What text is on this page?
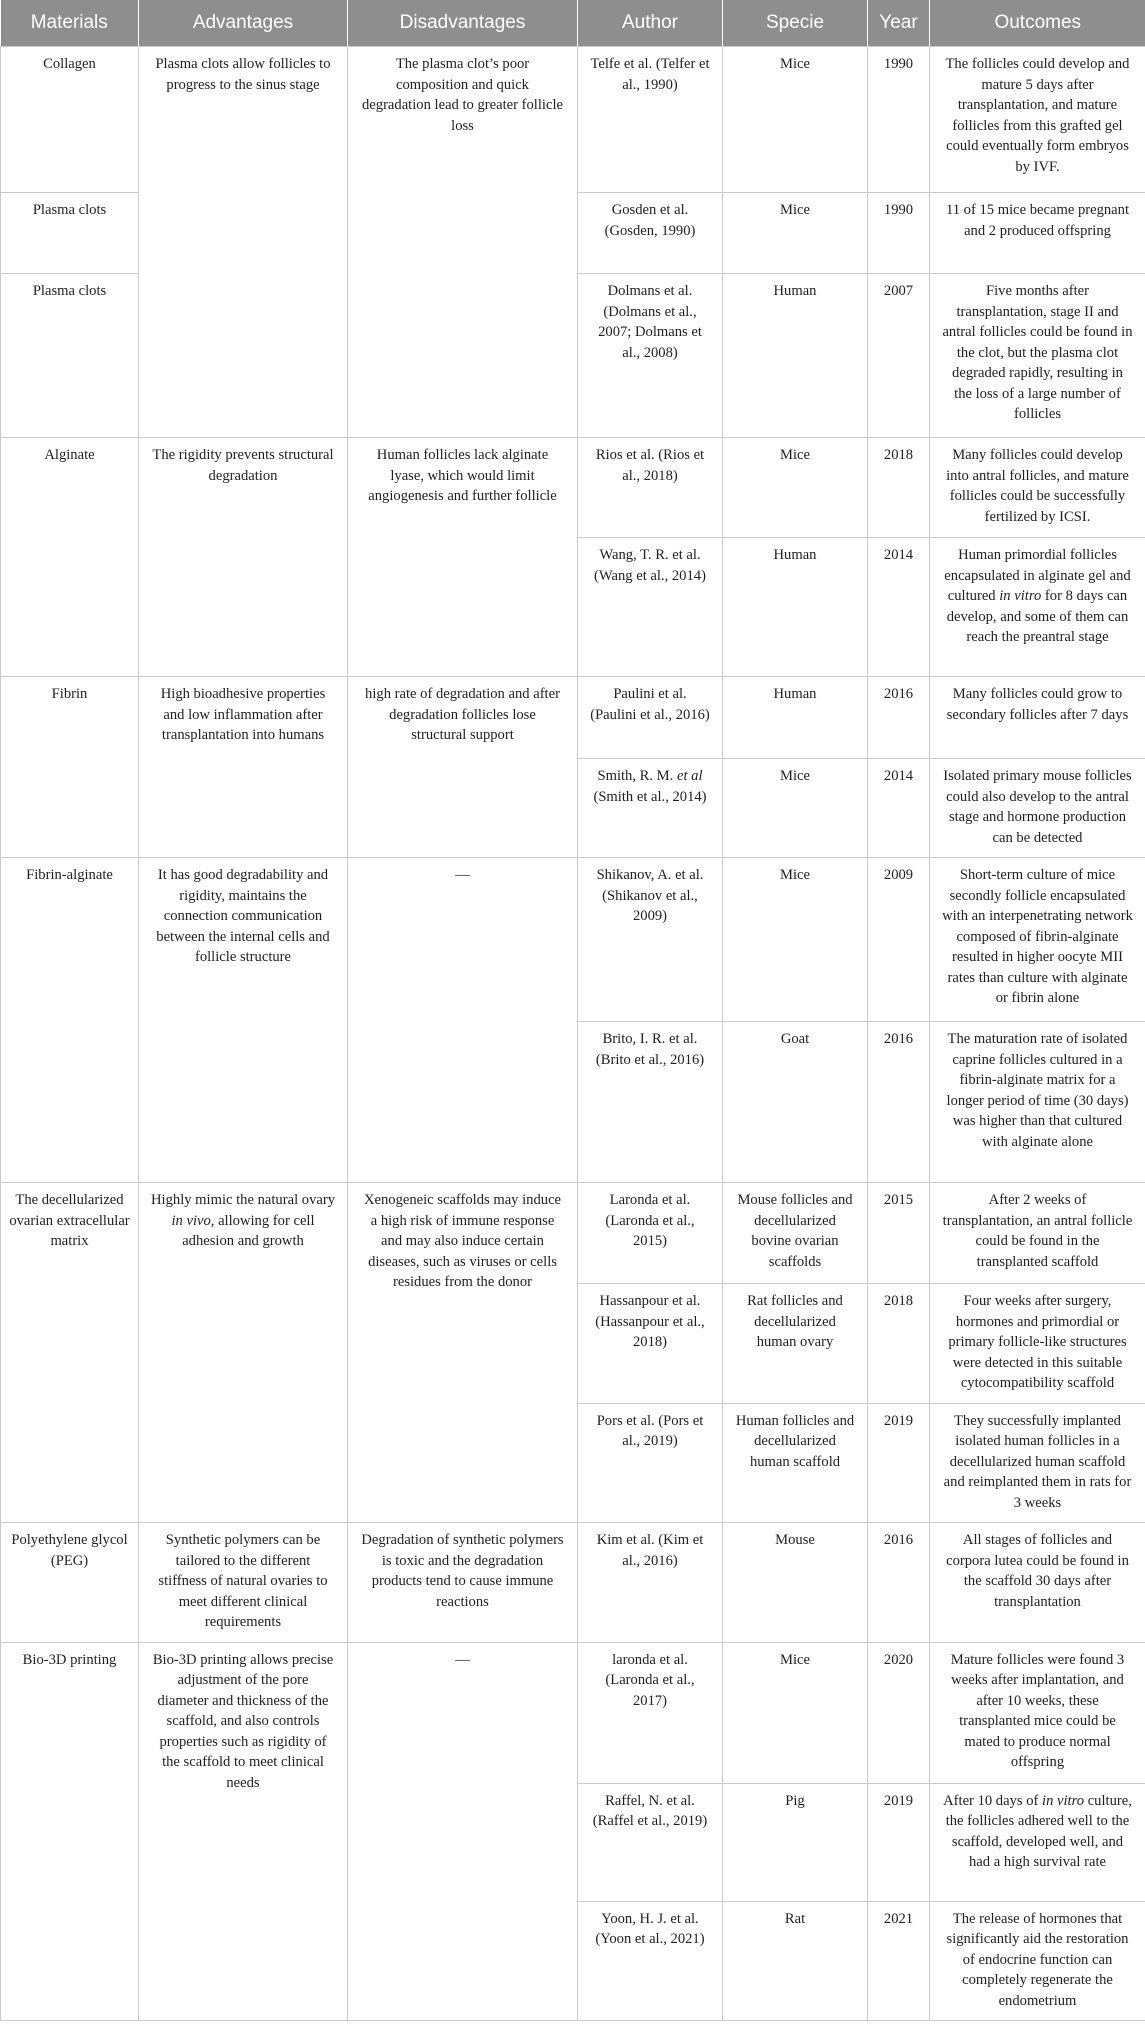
Materials	Advantages	Disadvantages	Author	Specie	Year	Outcomes
Collagen	Plasma clots allow follicles to progress to the sinus stage	The plasma clot’s poor composition and quick degradation lead to greater follicle loss	Telfe et al. (Telfer et al., 1990)	Mice	1990	The follicles could develop and mature 5 days after transplantation, and mature follicles from this grafted gel could eventually form embryos by IVF.
Plasma clots			Gosden et al. (Gosden, 1990)	Mice	1990	11 of 15 mice became pregnant and 2 produced offspring
Plasma clots			Dolmans et al. (Dolmans et al., 2007; Dolmans et al., 2008)	Human	2007	Five months after transplantation, stage II and antral follicles could be found in the clot, but the plasma clot degraded rapidly, resulting in the loss of a large number of follicles
Alginate	The rigidity prevents structural degradation	Human follicles lack alginate lyase, which would limit angiogenesis and further follicle	Rios et al. (Rios et al., 2018)	Mice	2018	Many follicles could develop into antral follicles, and mature follicles could be successfully fertilized by ICSI.
			Wang, T. R. et al. (Wang et al., 2014)	Human	2014	Human primordial follicles encapsulated in alginate gel and cultured in vitro for 8 days can develop, and some of them can reach the preantral stage
Fibrin	High bioadhesive properties and low inflammation after transplantation into humans	high rate of degradation and after degradation follicles lose structural support	Paulini et al. (Paulini et al., 2016)	Human	2016	Many follicles could grow to secondary follicles after 7 days
			Smith, R. M. et al (Smith et al., 2014)	Mice	2014	Isolated primary mouse follicles could also develop to the antral stage and hormone production can be detected
Fibrin-alginate	It has good degradability and rigidity, maintains the connection communication between the internal cells and follicle structure	—	Shikanov, A. et al. (Shikanov et al., 2009)	Mice	2009	Short-term culture of mice secondly follicle encapsulated with an interpenetrating network composed of fibrin-alginate resulted in higher oocyte MII rates than culture with alginate or fibrin alone
			Brito, I. R. et al. (Brito et al., 2016)	Goat	2016	The maturation rate of isolated caprine follicles cultured in a fibrin-alginate matrix for a longer period of time (30 days) was higher than that cultured with alginate alone
The decellularized ovarian extracellular matrix	Highly mimic the natural ovary in vivo, allowing for cell adhesion and growth	Xenogeneic scaffolds may induce a high risk of immune response and may also induce certain diseases, such as viruses or cells residues from the donor	Laronda et al. (Laronda et al., 2015)	Mouse follicles and decellularized bovine ovarian scaffolds	2015	After 2 weeks of transplantation, an antral follicle could be found in the transplanted scaffold
			Hassanpour et al. (Hassanpour et al., 2018)	Rat follicles and decellularized human ovary	2018	Four weeks after surgery, hormones and primordial or primary follicle-like structures were detected in this suitable cytocompatibility scaffold
			Pors et al. (Pors et al., 2019)	Human follicles and decellularized human scaffold	2019	They successfully implanted isolated human follicles in a decellularized human scaffold and reimplanted them in rats for 3 weeks
Polyethylene glycol (PEG)	Synthetic polymers can be tailored to the different stiffness of natural ovaries to meet different clinical requirements	Degradation of synthetic polymers is toxic and the degradation products tend to cause immune reactions	Kim et al. (Kim et al., 2016)	Mouse	2016	All stages of follicles and corpora lutea could be found in the scaffold 30 days after transplantation
Bio-3D printing	Bio-3D printing allows precise adjustment of the pore diameter and thickness of the scaffold, and also controls properties such as rigidity of the scaffold to meet clinical needs	—	laronda et al. (Laronda et al., 2017)	Mice	2020	Mature follicles were found 3 weeks after implantation, and after 10 weeks, these transplanted mice could be mated to produce normal offspring
			Raffel, N. et al. (Raffel et al., 2019)	Pig	2019	After 10 days of in vitro culture, the follicles adhered well to the scaffold, developed well, and had a high survival rate
			Yoon, H. J. et al. (Yoon et al., 2021)	Rat	2021	The release of hormones that significantly aid the restoration of endocrine function can completely regenerate the endometrium
